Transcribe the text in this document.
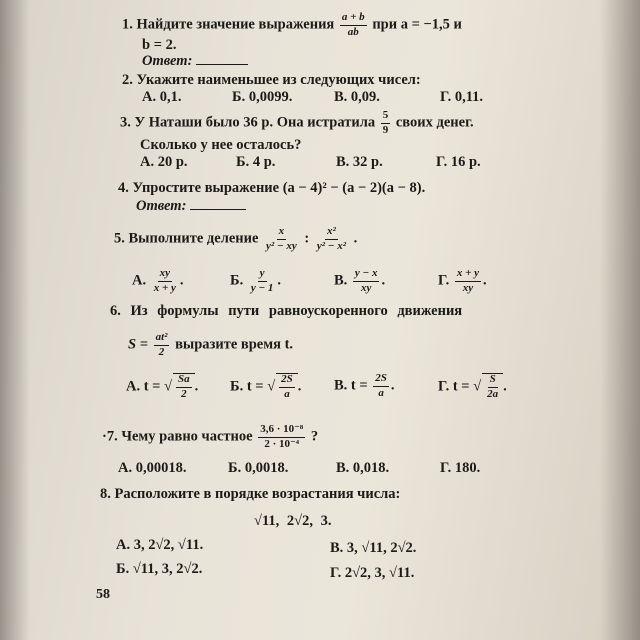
1. Найдите значение выражения $\frac{a + b}{ab}$ при a = −1,5 и
b = 2.
Ответ:
2. Укажите наименьшее из следующих чисел:
А. 0,1.	Б. 0,0099.	В. 0,09.	Г. 0,11.
3. У Наташи было 36 р. Она истратила $\frac{5}{9}$ своих денег.
Сколько у нее осталось?
А. 20 р.	Б. 4 р.	В. 32 р.	Г. 16 р.
4. Упростите выражение (a − 4)² − (a − 2)(a − 8).
Ответ:
5. Выполните деление $\frac{x}{\text{y² − xy}}$ : $\frac{\text{x²}}{\text{y² − x²}}$ .
А. $\frac{xy}{x + y}$ .	Б. $\frac{y}{y - 1}$ .	В. $\frac{y - x}{xy}$ .	Г. $\frac{x + y}{xy}$ .
6. Из формулы пути равноускоренного движения
$S = \frac{\text{at²}}{2}$ выразите время t.
А. t = √ $\frac{Sa}{2}$ . Б. t = √ $\frac{2S}{a}$ . В. $t = \frac{2S}{a}$ .	Г. t = √ $\frac{S}{2a}$ .
·7. Чему равно частное $\frac{\text{3,6 · 10⁻⁸}}{\text{2 · 10⁻⁴}}$ ?
А. 0,00018.	Б. 0,0018.	В. 0,018.	Г. 180.
8. Расположите в порядке возрастания числа:
√11, 2√2, 3.
А. 3, 2√2, √11.	В. 3, √11, 2√2.
Б. √11, 3, 2√2.	Г. 2√2, 3, √11.
58
